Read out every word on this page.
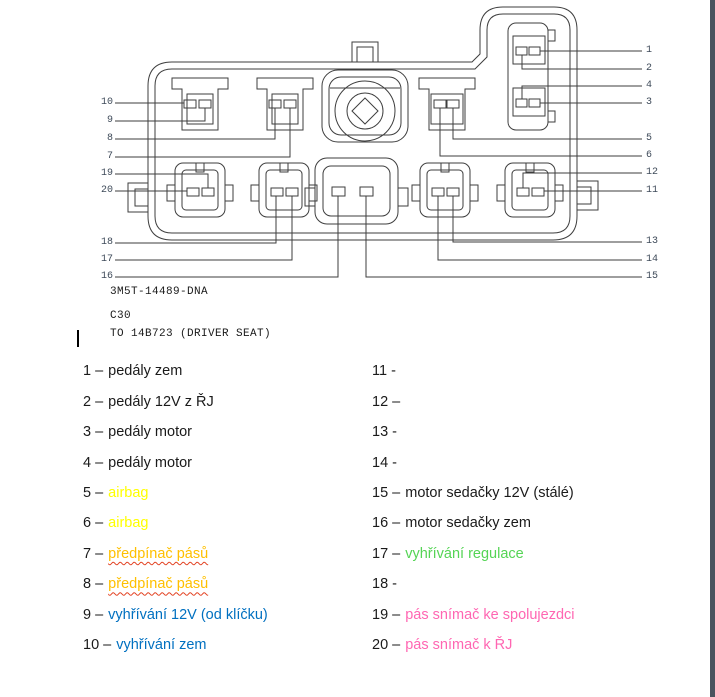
10
9
8
7
19
20
18
17
16
1
2
4
3
5
6
12
11
13
14
15
3M5T-14489-DNA
C30
TO 14B723 (DRIVER SEAT)
1 – pedály zem
2 – pedály 12V z ŘJ
3 – pedály motor
4 – pedály motor
5 – airbag
6 – airbag
7 – předpínač pásů
8 – předpínač pásů
9 – vyhřívání 12V (od klíčku)
10 – vyhřívání zem
11 -
12 –
13 -
14 -
15 – motor sedačky 12V (stálé)
16 – motor sedačky zem
17 – vyhřívání regulace
18 -
19 – pás snímač ke spolujezdci
20 – pás snímač k ŘJ
